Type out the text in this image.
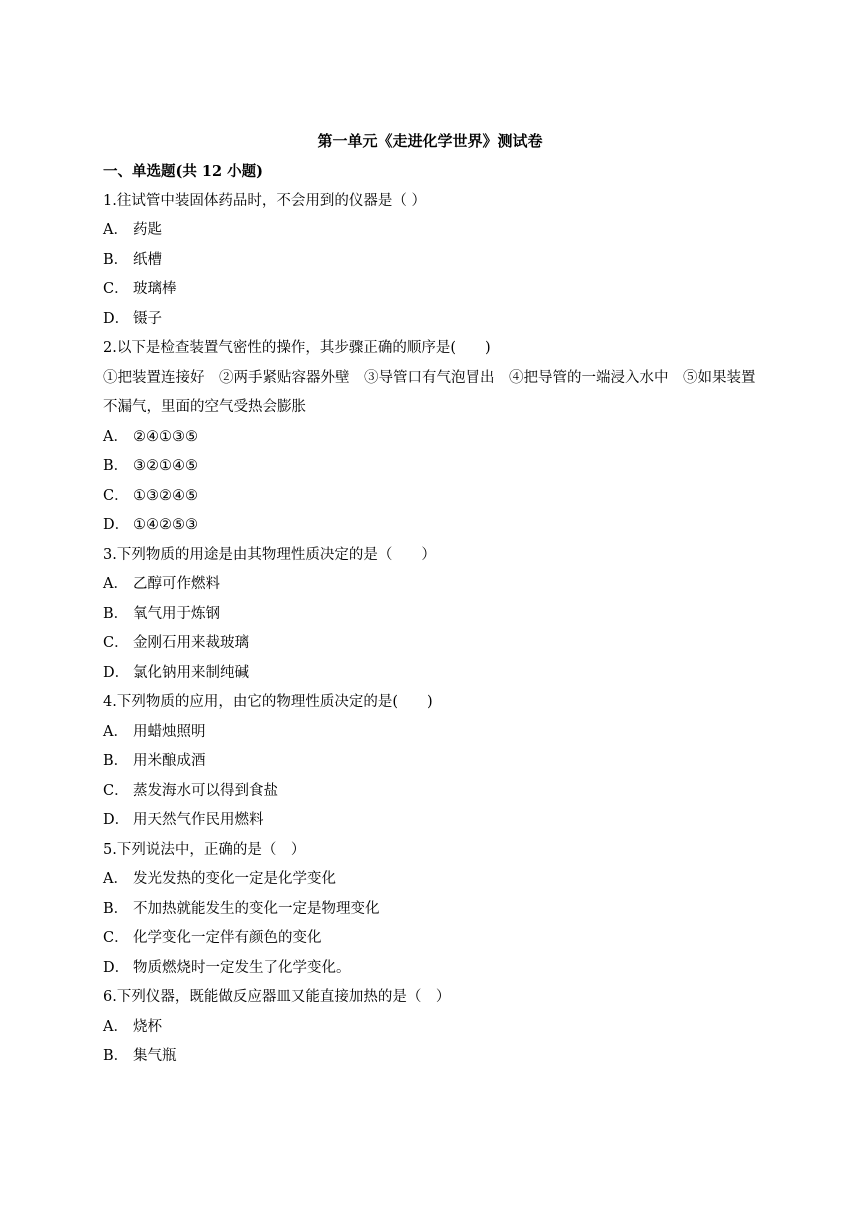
第一单元《走进化学世界》测试卷
一、单选题(共 12 小题)
1.往试管中装固体药品时，不会用到的仪器是（ ）
A． 药匙
B． 纸槽
C． 玻璃棒
D． 镊子
2.以下是检查装置气密性的操作，其步骤正确的顺序是(　　)
①把装置连接好　②两手紧贴容器外壁　③导管口有气泡冒出　④把导管的一端浸入水中　⑤如果装置不漏气，里面的空气受热会膨胀
A． ②④①③⑤
B． ③②①④⑤
C． ①③②④⑤
D． ①④②⑤③
3.下列物质的用途是由其物理性质决定的是（　　）
A． 乙醇可作燃料
B． 氧气用于炼钢
C． 金刚石用来裁玻璃
D． 氯化钠用来制纯碱
4.下列物质的应用，由它的物理性质决定的是(　　)
A． 用蜡烛照明
B． 用米酿成酒
C． 蒸发海水可以得到食盐
D． 用天然气作民用燃料
5.下列说法中，正确的是（　）
A． 发光发热的变化一定是化学变化
B． 不加热就能发生的变化一定是物理变化
C． 化学变化一定伴有颜色的变化
D． 物质燃烧时一定发生了化学变化。
6.下列仪器，既能做反应器皿又能直接加热的是（　）
A． 烧杯
B． 集气瓶
